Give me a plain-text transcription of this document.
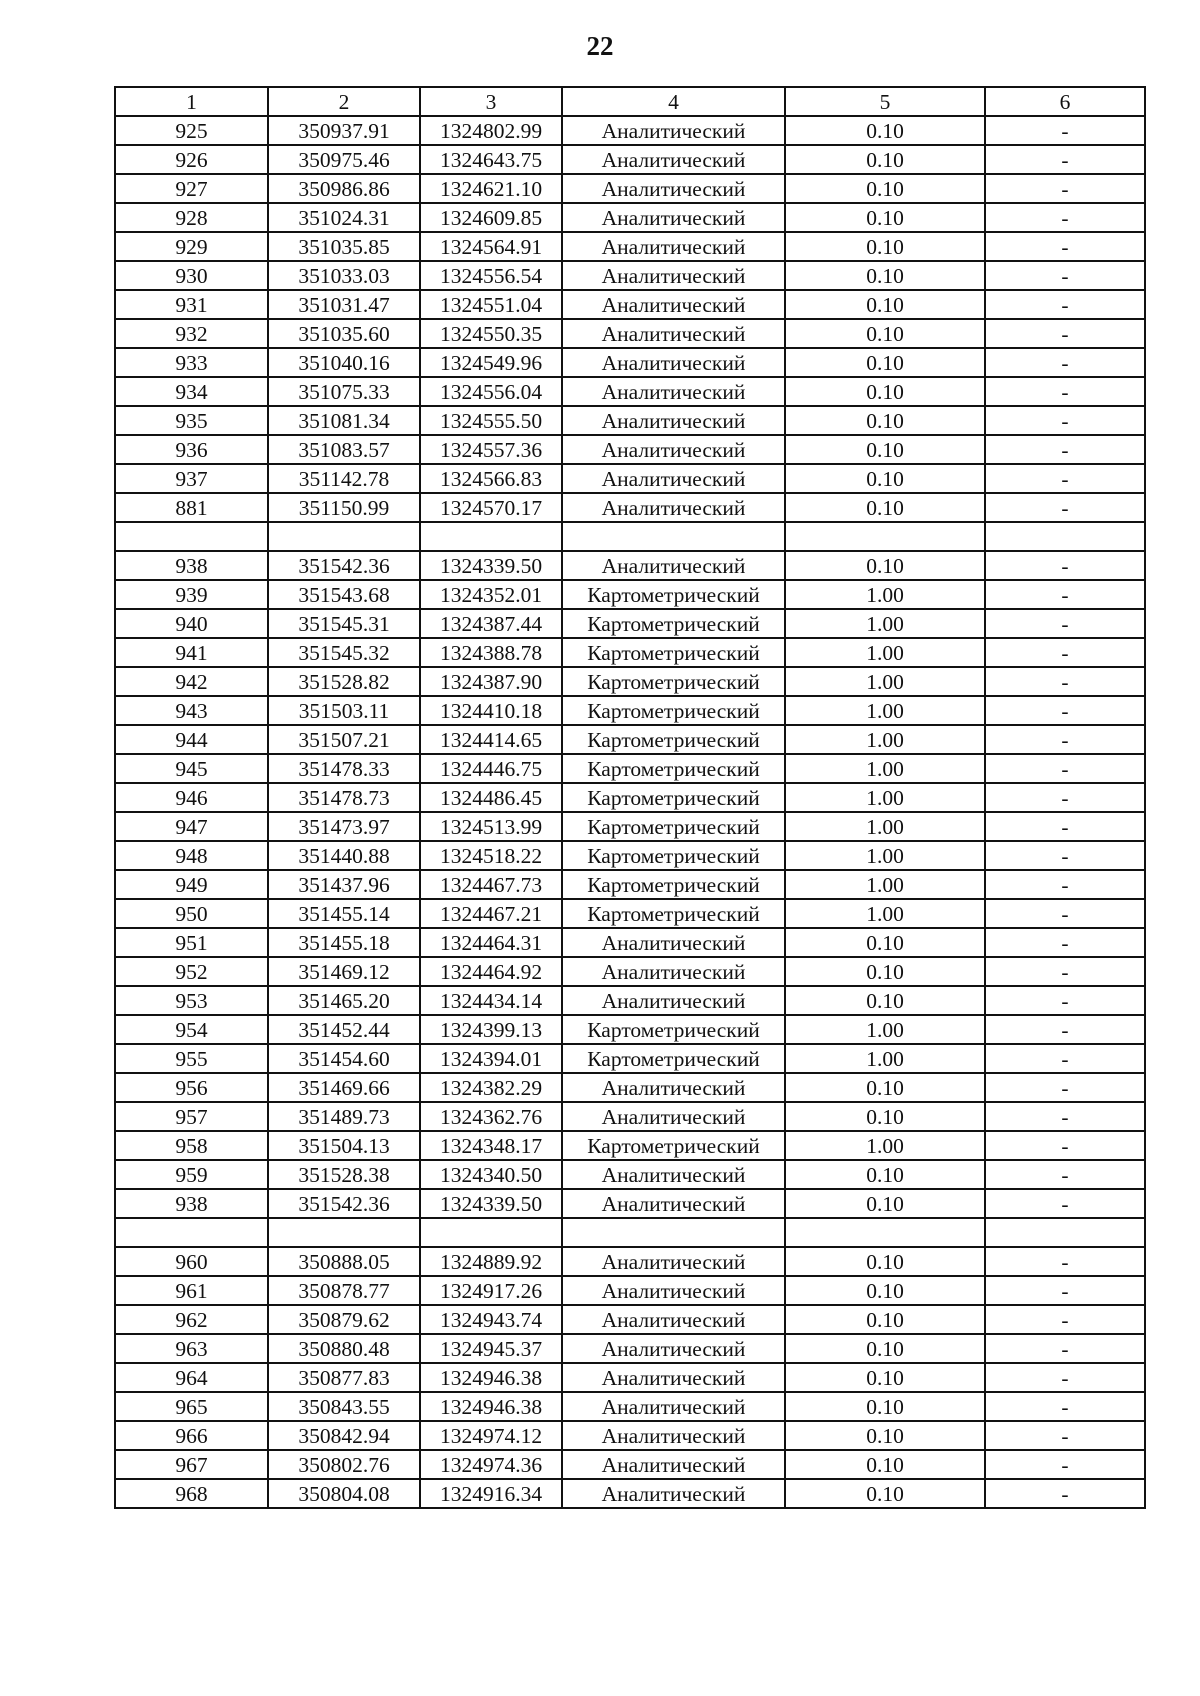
22
1	2	3	4	5	6
925	350937.91	1324802.99	Аналитический	0.10	-
926	350975.46	1324643.75	Аналитический	0.10	-
927	350986.86	1324621.10	Аналитический	0.10	-
928	351024.31	1324609.85	Аналитический	0.10	-
929	351035.85	1324564.91	Аналитический	0.10	-
930	351033.03	1324556.54	Аналитический	0.10	-
931	351031.47	1324551.04	Аналитический	0.10	-
932	351035.60	1324550.35	Аналитический	0.10	-
933	351040.16	1324549.96	Аналитический	0.10	-
934	351075.33	1324556.04	Аналитический	0.10	-
935	351081.34	1324555.50	Аналитический	0.10	-
936	351083.57	1324557.36	Аналитический	0.10	-
937	351142.78	1324566.83	Аналитический	0.10	-
881	351150.99	1324570.17	Аналитический	0.10	-

938	351542.36	1324339.50	Аналитический	0.10	-
939	351543.68	1324352.01	Картометрический	1.00	-
940	351545.31	1324387.44	Картометрический	1.00	-
941	351545.32	1324388.78	Картометрический	1.00	-
942	351528.82	1324387.90	Картометрический	1.00	-
943	351503.11	1324410.18	Картометрический	1.00	-
944	351507.21	1324414.65	Картометрический	1.00	-
945	351478.33	1324446.75	Картометрический	1.00	-
946	351478.73	1324486.45	Картометрический	1.00	-
947	351473.97	1324513.99	Картометрический	1.00	-
948	351440.88	1324518.22	Картометрический	1.00	-
949	351437.96	1324467.73	Картометрический	1.00	-
950	351455.14	1324467.21	Картометрический	1.00	-
951	351455.18	1324464.31	Аналитический	0.10	-
952	351469.12	1324464.92	Аналитический	0.10	-
953	351465.20	1324434.14	Аналитический	0.10	-
954	351452.44	1324399.13	Картометрический	1.00	-
955	351454.60	1324394.01	Картометрический	1.00	-
956	351469.66	1324382.29	Аналитический	0.10	-
957	351489.73	1324362.76	Аналитический	0.10	-
958	351504.13	1324348.17	Картометрический	1.00	-
959	351528.38	1324340.50	Аналитический	0.10	-
938	351542.36	1324339.50	Аналитический	0.10	-

960	350888.05	1324889.92	Аналитический	0.10	-
961	350878.77	1324917.26	Аналитический	0.10	-
962	350879.62	1324943.74	Аналитический	0.10	-
963	350880.48	1324945.37	Аналитический	0.10	-
964	350877.83	1324946.38	Аналитический	0.10	-
965	350843.55	1324946.38	Аналитический	0.10	-
966	350842.94	1324974.12	Аналитический	0.10	-
967	350802.76	1324974.36	Аналитический	0.10	-
968	350804.08	1324916.34	Аналитический	0.10	-
